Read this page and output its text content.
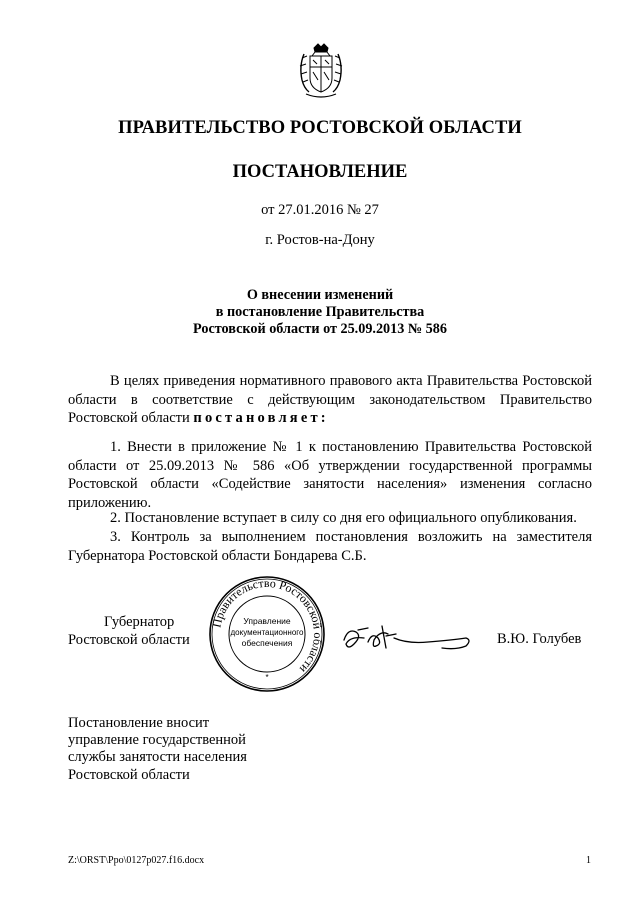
ПРАВИТЕЛЬСТВО РОСТОВСКОЙ ОБЛАСТИ
ПОСТАНОВЛЕНИЕ
от 27.01.2016 № 27
г. Ростов-на-Дону
О внесении изменений
в постановление Правительства
Ростовской области от 25.09.2013 № 586
В целях приведения нормативного правового акта Правительства Ростовской области в соответствие с действующим законодательством Правительство Ростовской области постановляет:
1. Внести в приложение № 1 к постановлению Правительства Ростовской области от 25.09.2013 № 586 «Об утверждении государственной программы Ростовской области «Содействие занятости населения» изменения согласно приложению.
2. Постановление вступает в силу со дня его официального опубликования.
3. Контроль за выполнением постановления возложить на заместителя Губернатора Ростовской области Бондарева С.Б.
Губернатор
Ростовской области
Правительство Ростовской области
*
Управление
документационного
обеспечения	В.Ю. Голубев
Постановление вносит
управление государственной
службы занятости населения
Ростовской области
Z:\ORST\Ppo\0127p027.f16.docx	1
